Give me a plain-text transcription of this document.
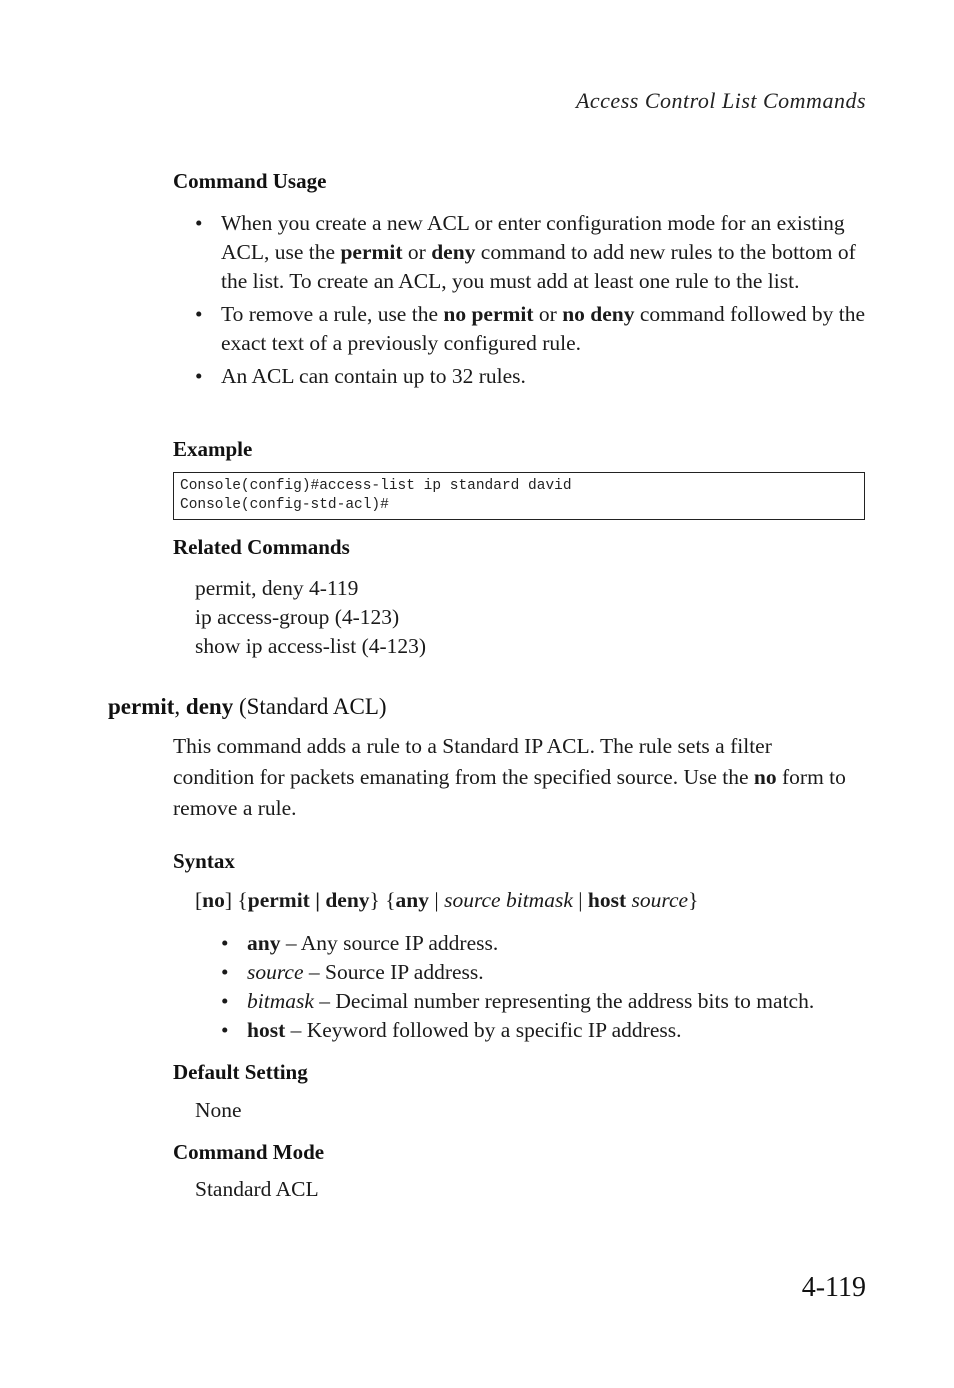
Access Control List Commands
Command Usage
• When you create a new ACL or enter configuration mode for an existing ACL, use the permit or deny command to add new rules to the bottom of the list. To create an ACL, you must add at least one rule to the list.
• To remove a rule, use the no permit or no deny command followed by the exact text of a previously configured rule.
• An ACL can contain up to 32 rules.
Example
Console(config)#access-list ip standard david
Console(config-std-acl)#
Related Commands
permit, deny 4-119
ip access-group (4-123)
show ip access-list (4-123)
permit, deny (Standard ACL)
This command adds a rule to a Standard IP ACL. The rule sets a filter condition for packets emanating from the specified source. Use the no form to remove a rule.
Syntax
[no] {permit | deny} {any | source bitmask | host source}
• any – Any source IP address.
• source – Source IP address.
• bitmask – Decimal number representing the address bits to match.
• host – Keyword followed by a specific IP address.
Default Setting
None
Command Mode
Standard ACL
4-119
